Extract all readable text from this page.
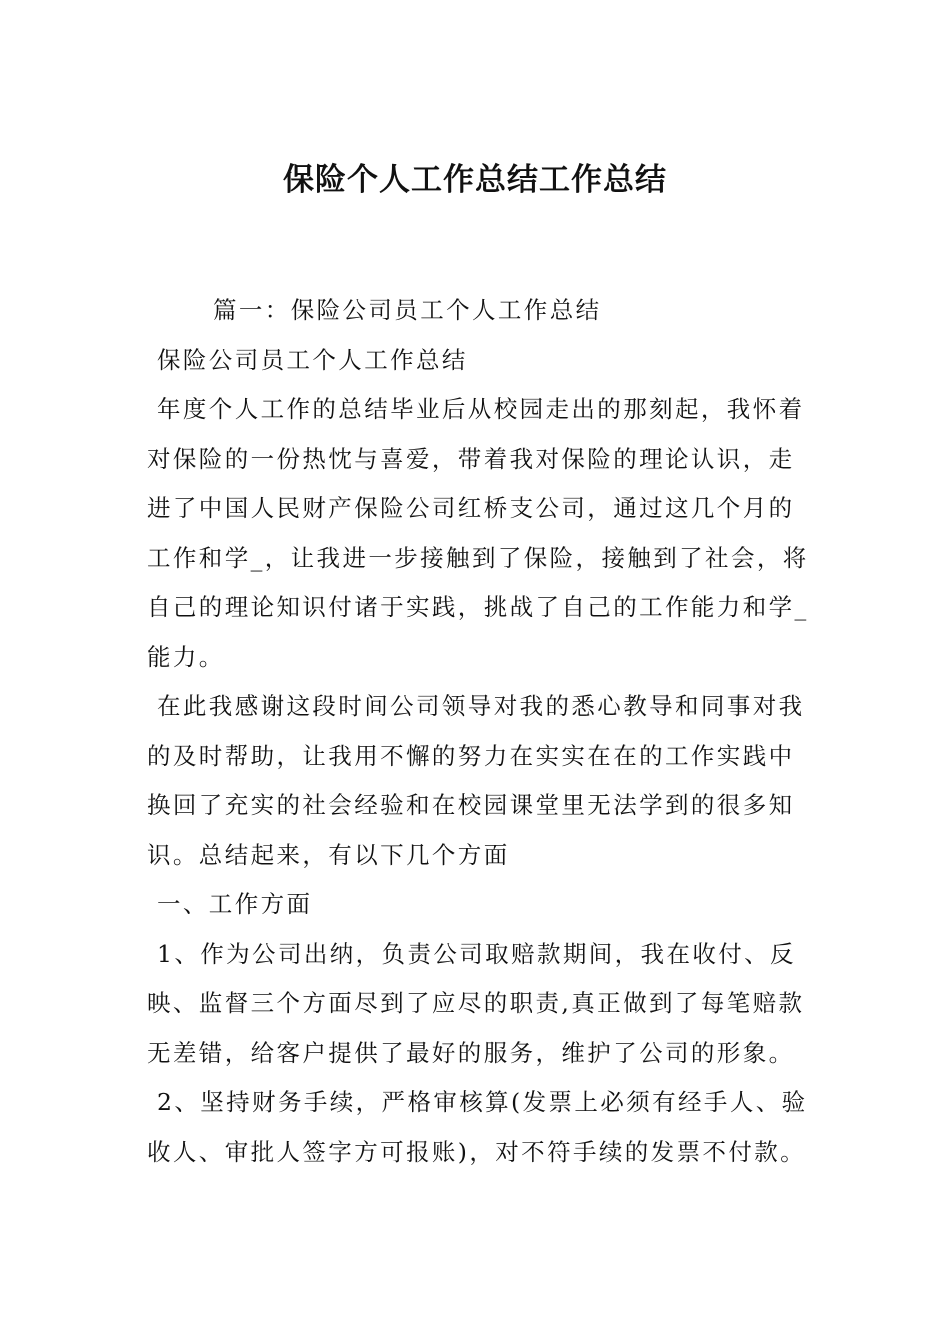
保险个人工作总结工作总结

篇一：保险公司员工个人工作总结

保险公司员工个人工作总结

年度个人工作的总结毕业后从校园走出的那刻起，我怀着对保险的一份热忱与喜爱，带着我对保险的理论认识，走进了中国人民财产保险公司红桥支公司，通过这几个月的工作和学_，让我进一步接触到了保险，接触到了社会，将自己的理论知识付诸于实践，挑战了自己的工作能力和学_能力。

在此我感谢这段时间公司领导对我的悉心教导和同事对我的及时帮助，让我用不懈的努力在实实在在的工作实践中换回了充实的社会经验和在校园课堂里无法学到的很多知识。总结起来，有以下几个方面

一、工作方面

1、作为公司出纳，负责公司取赔款期间，我在收付、反映、监督三个方面尽到了应尽的职责,真正做到了每笔赔款无差错，给客户提供了最好的服务，维护了公司的形象。

2、坚持财务手续，严格审核算(发票上必须有经手人、验收人、审批人签字方可报账)，对不符手续的发票不付款。
